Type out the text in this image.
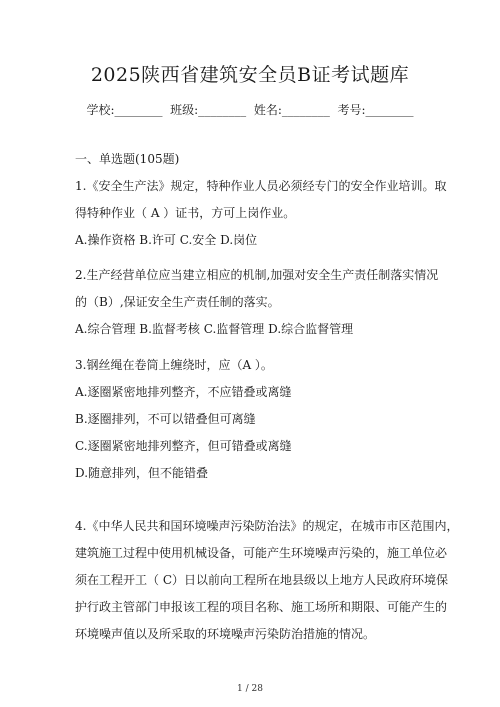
2025陕西省建筑安全员B证考试题库
学校:________  班级:________  姓名:________  考号:________
一、单选题(105题)
1.《安全生产法》规定，特种作业人员必须经专门的安全作业培训。取
得特种作业（ A ）证书，方可上岗作业。
A.操作资格 B.许可 C.安全 D.岗位
2.生产经营单位应当建立相应的机制,加强对安全生产责任制落实情况
的（B）,保证安全生产责任制的落实。
A.综合管理 B.监督考核 C.监督管理 D.综合监督管理
3.钢丝绳在卷筒上缠绕时，应（A ）。
A.逐圈紧密地排列整齐，不应错叠或离缝
B.逐圈排列，不可以错叠但可离缝
C.逐圈紧密地排列整齐，但可错叠或离缝
D.随意排列，但不能错叠
4.《中华人民共和国环境噪声污染防治法》的规定，在城市市区范围内，
建筑施工过程中使用机械设备，可能产生环境噪声污染的，施工单位必
须在工程开工（ C）日以前向工程所在地县级以上地方人民政府环境保
护行政主管部门申报该工程的项目名称、施工场所和期限、可能产生的
环境噪声值以及所采取的环境噪声污染防治措施的情况。
1 / 28
